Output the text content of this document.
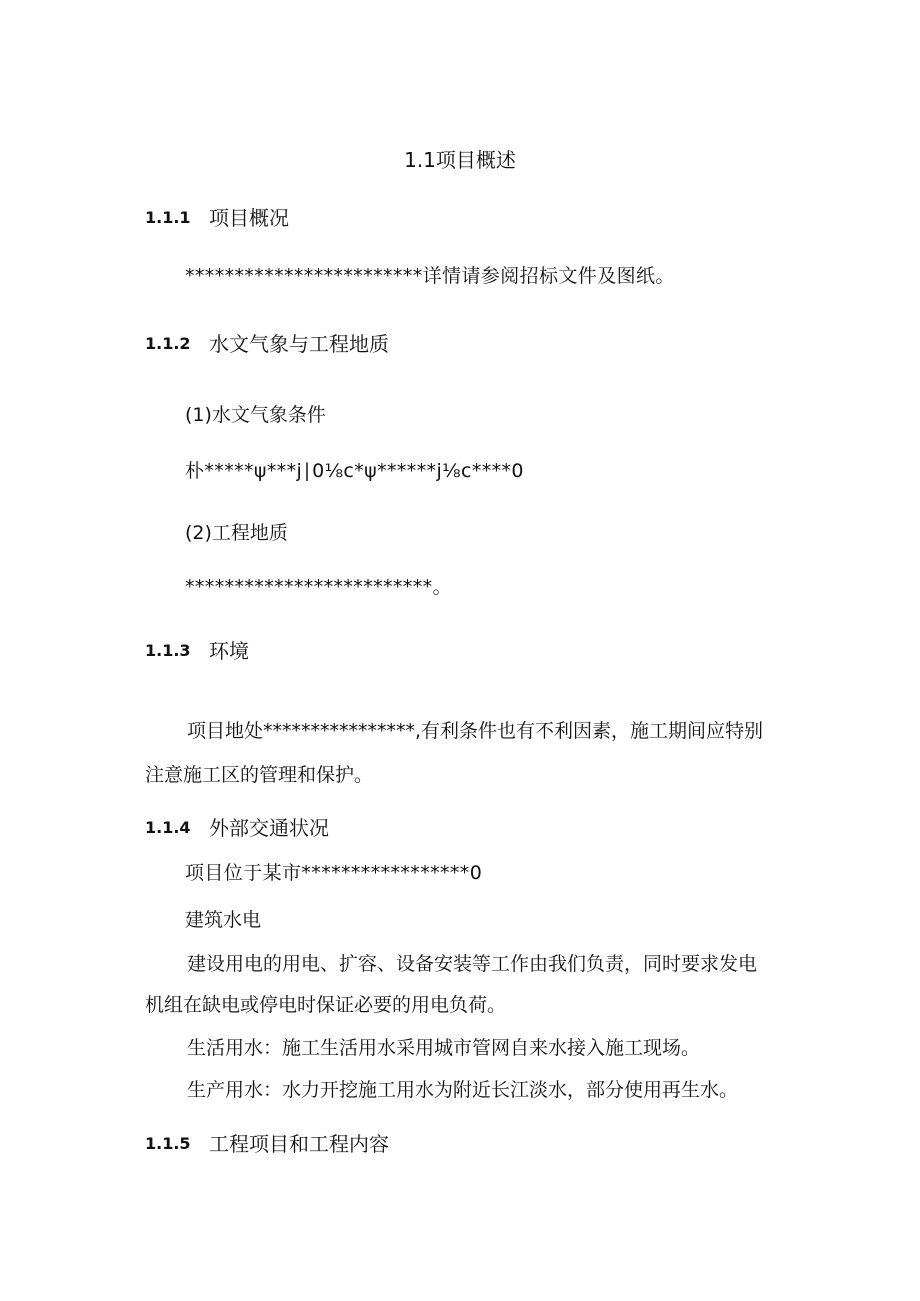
1.1项目概述
1.1.1 项目概况
************************详情请参阅招标文件及图纸。
1.1.2 水文气象与工程地质
(1)水文气象条件
朴*****ψ***j∣0⅛c*ψ******j⅛c****0
(2)工程地质
*************************。
1.1.3 环境
项目地处****************,有利条件也有不利因素，施工期间应特别
注意施工区的管理和保护。
1.1.4 外部交通状况
项目位于某市*****************0
建筑水电
建设用电的用电、扩容、设备安装等工作由我们负责，同时要求发电
机组在缺电或停电时保证必要的用电负荷。
生活用水：施工生活用水采用城市管网自来水接入施工现场。
生产用水：水力开挖施工用水为附近长江淡水，部分使用再生水。
1.1.5 工程项目和工程内容
